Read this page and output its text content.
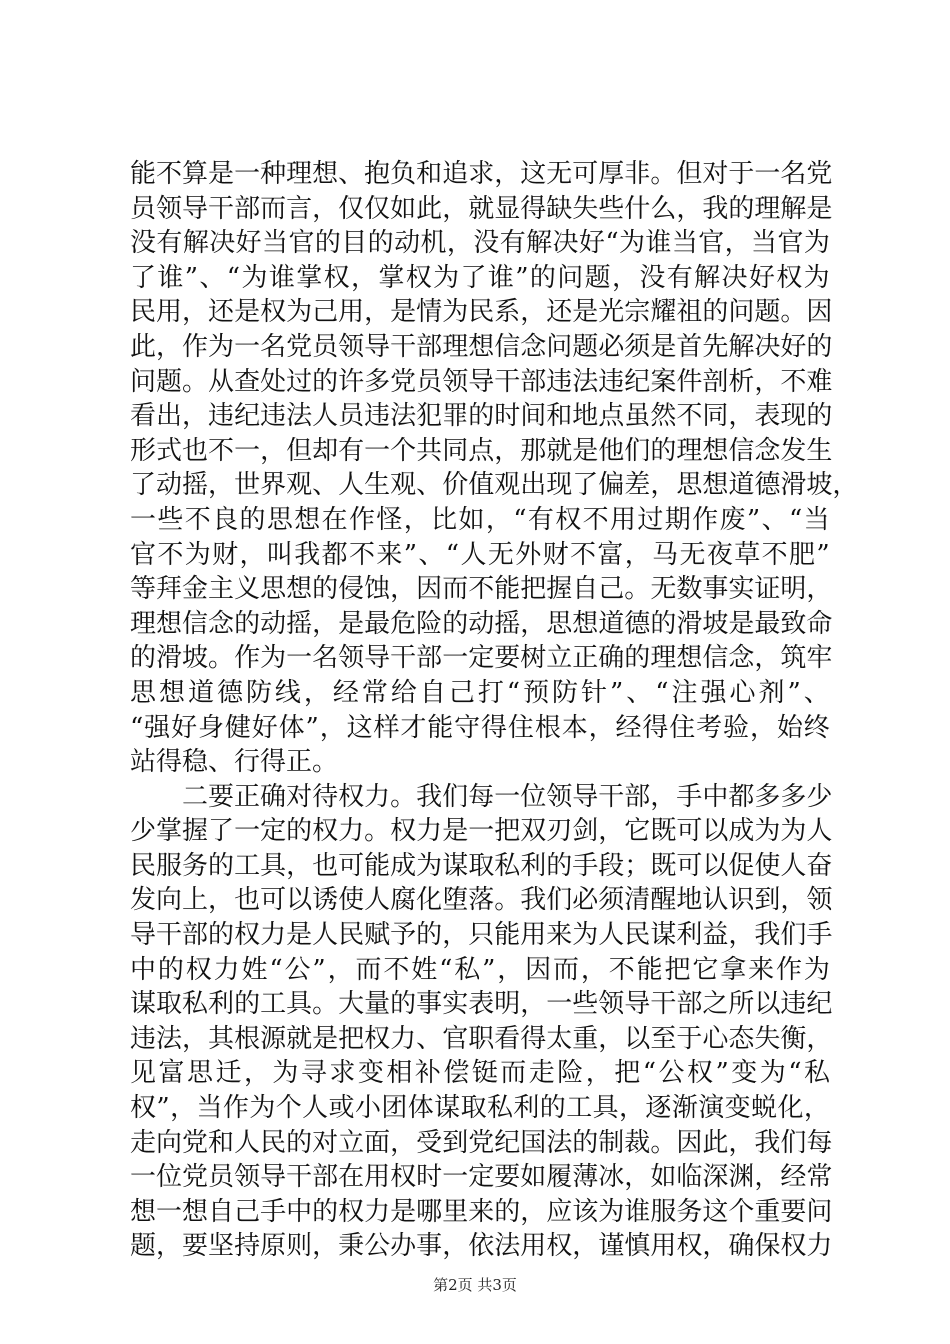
能 不 算 是 一 种 理 想 、 抱 负 和 追 求 ， 这 无 可 厚 非 。 但 对 于 一 名 党
员 领 导 干 部 而 言 ， 仅 仅 如 此 ， 就 显 得 缺 失 些 什 么 ， 我 的 理 解 是
没 有 解 决 好 当 官 的 目 的 动 机 ， 没 有 解 决 好 “ 为 谁 当 官 ， 当 官 为
了 谁 ” 、 “ 为 谁 掌 权 ， 掌 权 为 了 谁 ” 的 问 题 ， 没 有 解 决 好 权 为
民 用 ， 还 是 权 为 己 用 ， 是 情 为 民 系 ， 还 是 光 宗 耀 祖 的 问 题 。 因
此 ， 作 为 一 名 党 员 领 导 干 部 理 想 信 念 问 题 必 须 是 首 先 解 决 好 的
问 题 。 从 查 处 过 的 许 多 党 员 领 导 干 部 违 法 违 纪 案 件 剖 析 ， 不 难
看 出 ， 违 纪 违 法 人 员 违 法 犯 罪 的 时 间 和 地 点 虽 然 不 同 ， 表 现 的
形 式 也 不 一 ， 但 却 有 一 个 共 同 点 ， 那 就 是 他 们 的 理 想 信 念 发 生
了 动 摇 ， 世 界 观 、 人 生 观 、 价 值 观 出 现 了 偏 差 ， 思 想 道 德 滑 坡 ，
一 些 不 良 的 思 想 在 作 怪 ， 比 如 ， “ 有 权 不 用 过 期 作 废 ” 、 “ 当
官 不 为 财 ， 叫 我 都 不 来 ” 、 “ 人 无 外 财 不 富 ， 马 无 夜 草 不 肥 ”
等 拜 金 主 义 思 想 的 侵 蚀 ， 因 而 不 能 把 握 自 己 。 无 数 事 实 证 明 ，
理 想 信 念 的 动 摇 ， 是 最 危 险 的 动 摇 ， 思 想 道 德 的 滑 坡 是 最 致 命
的 滑 坡 。 作 为 一 名 领 导 干 部 一 定 要 树 立 正 确 的 理 想 信 念 ， 筑 牢
思 想 道 德 防 线 ， 经 常 给 自 己 打 “ 预 防 针 ” 、 “ 注 强 心 剂 ” 、
“ 强 好 身 健 好 体 ” ， 这 样 才 能 守 得 住 根 本 ， 经 得 住 考 验 ， 始 终
站得稳、行得正。
二 要 正 确 对 待 权 力 。 我 们 每 一 位 领 导 干 部 ， 手 中 都 多 多 少
少 掌 握 了 一 定 的 权 力 。 权 力 是 一 把 双 刃 剑 ， 它 既 可 以 成 为 为 人
民 服 务 的 工 具 ， 也 可 能 成 为 谋 取 私 利 的 手 段 ； 既 可 以 促 使 人 奋
发 向 上 ， 也 可 以 诱 使 人 腐 化 堕 落 。 我 们 必 须 清 醒 地 认 识 到 ， 领
导 干 部 的 权 力 是 人 民 赋 予 的 ， 只 能 用 来 为 人 民 谋 利 益 ， 我 们 手
中 的 权 力 姓 “ 公 ” ， 而 不 姓 “ 私 ” ， 因 而 ， 不 能 把 它 拿 来 作 为
谋 取 私 利 的 工 具 。 大 量 的 事 实 表 明 ， 一 些 领 导 干 部 之 所 以 违 纪
违 法 ， 其 根 源 就 是 把 权 力 、 官 职 看 得 太 重 ， 以 至 于 心 态 失 衡 ，
见 富 思 迁 ， 为 寻 求 变 相 补 偿 铤 而 走 险 ， 把 “ 公 权 ” 变 为 “ 私
权 ” ， 当 作 为 个 人 或 小 团 体 谋 取 私 利 的 工 具 ， 逐 渐 演 变 蜕 化 ，
走 向 党 和 人 民 的 对 立 面 ， 受 到 党 纪 国 法 的 制 裁 。 因 此 ， 我 们 每
一 位 党 员 领 导 干 部 在 用 权 时 一 定 要 如 履 薄 冰 ， 如 临 深 渊 ， 经 常
想 一 想 自 己 手 中 的 权 力 是 哪 里 来 的 ， 应 该 为 谁 服 务 这 个 重 要 问
题 ， 要 坚 持 原 则 ， 秉 公 办 事 ， 依 法 用 权 ， 谨 慎 用 权 ， 确 保 权 力
第2页 共3页
